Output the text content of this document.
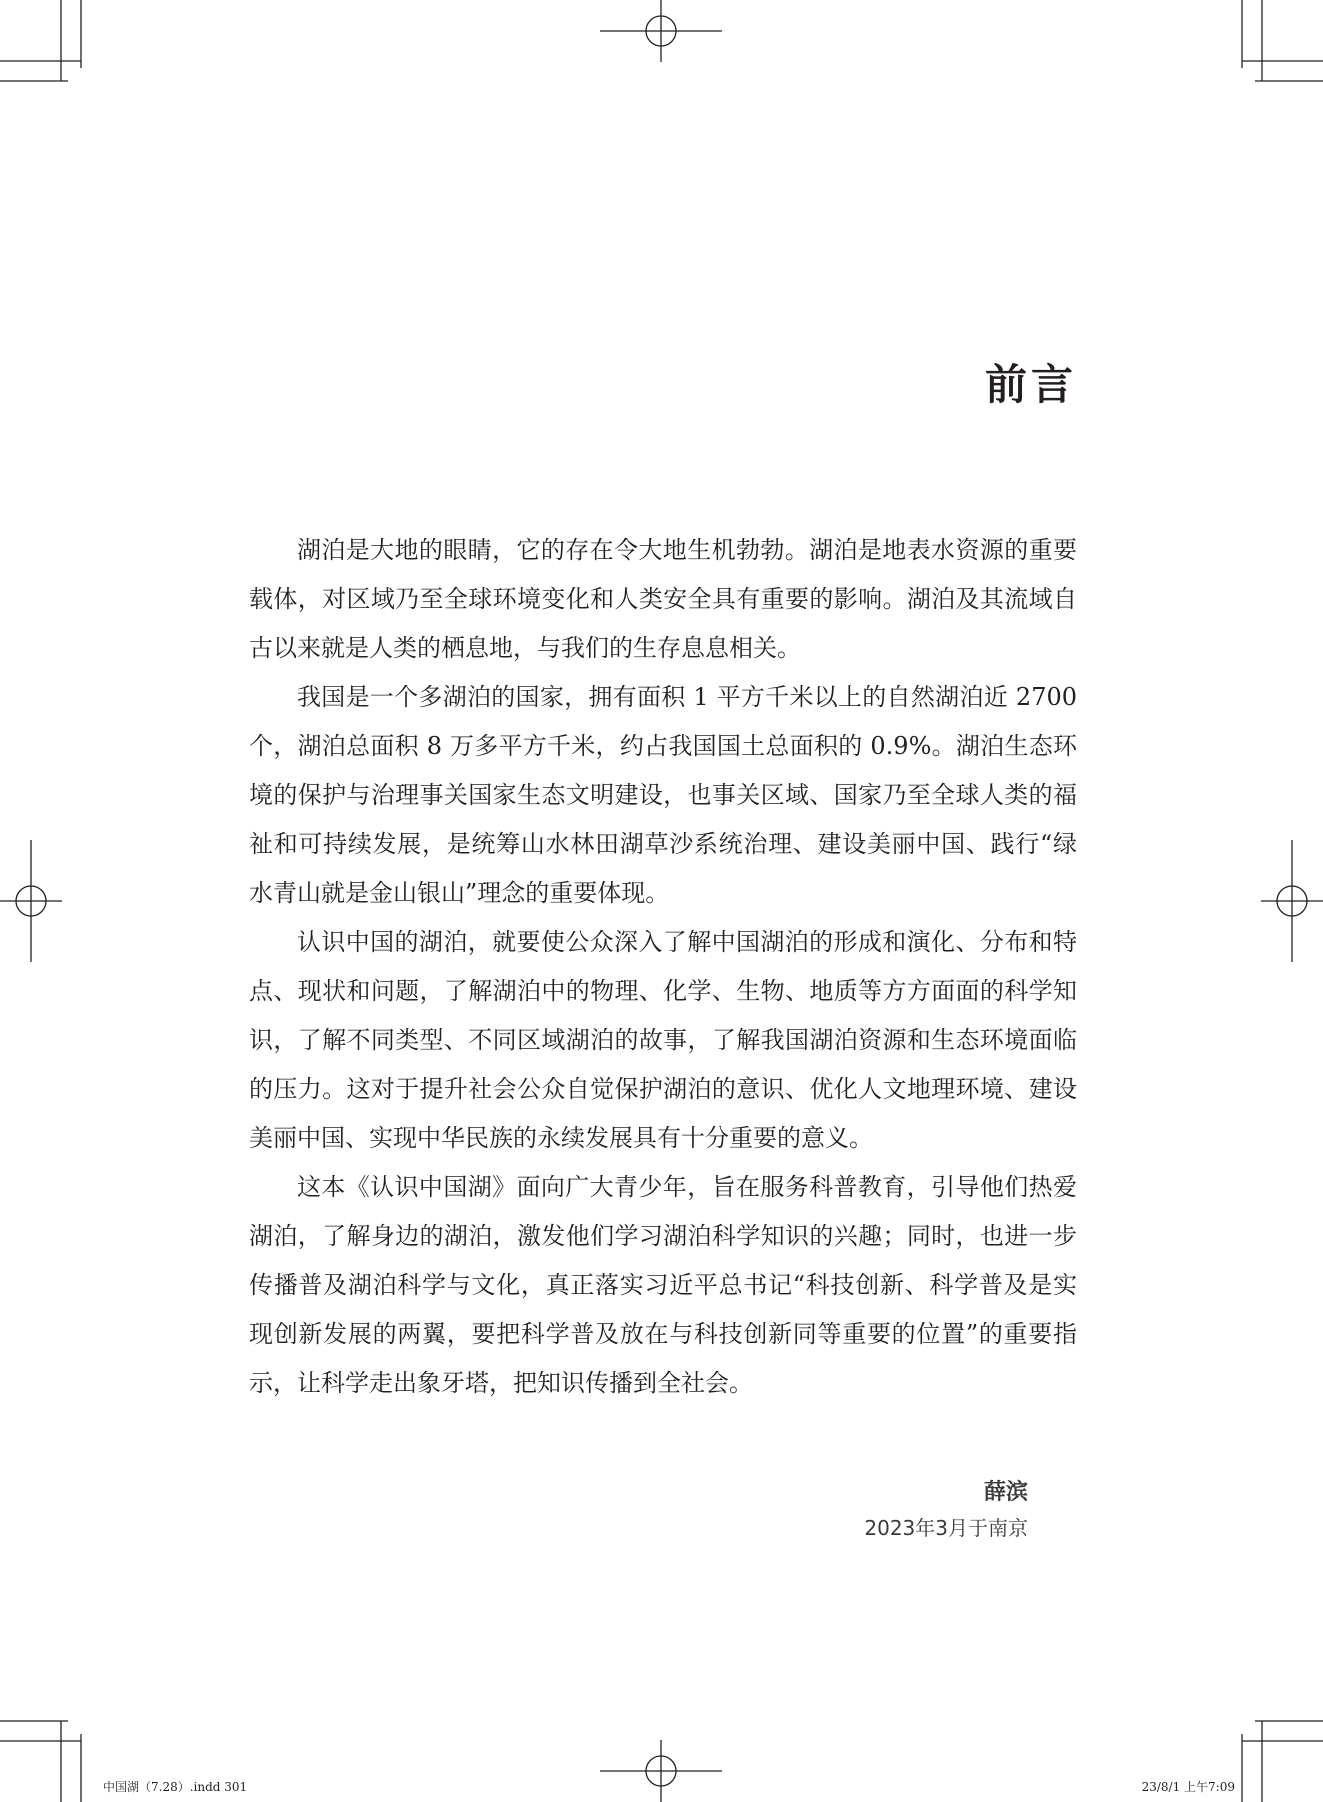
前言

湖泊是大地的眼睛，它的存在令大地生机勃勃。湖泊是地表水资源的重要载体，对区域乃至全球环境变化和人类安全具有重要的影响。湖泊及其流域自古以来就是人类的栖息地，与我们的生存息息相关。

我国是一个多湖泊的国家，拥有面积 1 平方千米以上的自然湖泊近 2700 个，湖泊总面积 8 万多平方千米，约占我国国土总面积的 0.9%。湖泊生态环境的保护与治理事关国家生态文明建设，也事关区域、国家乃至全球人类的福祉和可持续发展，是统筹山水林田湖草沙系统治理、建设美丽中国、践行“绿水青山就是金山银山”理念的重要体现。

认识中国的湖泊，就要使公众深入了解中国湖泊的形成和演化、分布和特点、现状和问题，了解湖泊中的物理、化学、生物、地质等方方面面的科学知识，了解不同类型、不同区域湖泊的故事，了解我国湖泊资源和生态环境面临的压力。这对于提升社会公众自觉保护湖泊的意识、优化人文地理环境、建设美丽中国、实现中华民族的永续发展具有十分重要的意义。

这本《认识中国湖》面向广大青少年，旨在服务科普教育，引导他们热爱湖泊，了解身边的湖泊，激发他们学习湖泊科学知识的兴趣；同时，也进一步传播普及湖泊科学与文化，真正落实习近平总书记“科技创新、科学普及是实现创新发展的两翼，要把科学普及放在与科技创新同等重要的位置”的重要指示，让科学走出象牙塔，把知识传播到全社会。

薛滨
2023年3月于南京
中国湖（7.28）.indd 301	23/8/1 上午7:09
